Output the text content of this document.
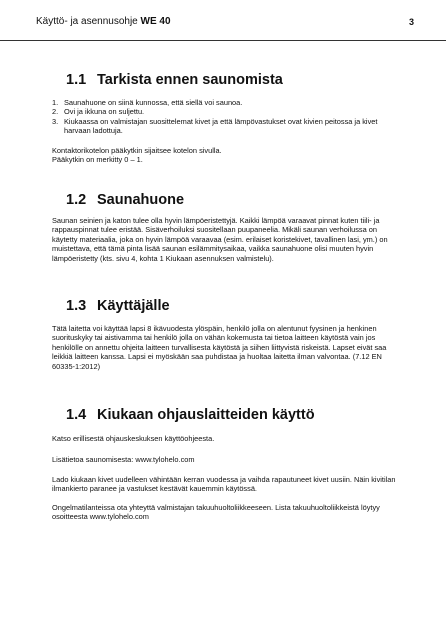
Käyttö- ja asennusohje WE 40	3
1.1 Tarkista ennen saunomista
1. Saunahuone on siinä kunnossa, että siellä voi saunoa.
2. Ovi ja ikkuna on suljettu.
3. Kiukaassa on valmistajan suosittelemat kivet ja että lämpövastukset ovat kivien peitossa ja kivet harvaan ladottuja.

Kontaktorikotelon pääkytkin sijaitsee kotelon sivulla.

Pääkytkin on merkitty 0 – 1.

1.2 Saunahuone

Saunan seinien ja katon tulee olla hyvin lämpöeristettyjä. Kaikki lämpöä varaavat pinnat kuten tiili- ja rappauspinnat tulee eristää. Sisäverhoiluksi suositellaan puupaneelia. Mikäli saunan verhoilussa on käytetty materiaalia, joka on hyvin lämpöä varaavaa (esim. erilaiset koristekivet, tavallinen lasi, ym.) on muistettava, että tämä pinta lisää saunan esilämmitysaikaa, vaikka saunahuone olisi muuten hyvin lämpöeristetty (kts. sivu 4, kohta 1 Kiukaan asennuksen valmistelu).

1.3 Käyttäjälle

Tätä laitetta voi käyttää lapsi 8 ikävuodesta ylöspäin, henkilö jolla on alentunut fyysinen ja henkinen suorituskyky tai aistivamma tai henkilö jolla on vähän kokemusta tai tietoa laitteen käytöstä vain jos henkilölle on annettu ohjeita laitteen turvallisesta käytöstä ja siihen liittyvistä riskeistä. Lapset eivät saa leikkiä laitteen kanssa. Lapsi ei myöskään saa puhdistaa ja huoltaa laitetta ilman valvontaa. (7.12 EN 60335-1:2012)

1.4 Kiukaan ohjauslaitteiden käyttö

Katso erillisestä ohjauskeskuksen käyttöohjeesta.

Lisätietoa saunomisesta: www.tylohelo.com

Lado kiukaan kivet uudelleen vähintään kerran vuodessa ja vaihda rapautuneet kivet uusiin. Näin kivitilan ilmankierto paranee ja vastukset kestävät kauemmin käytössä.

Ongelmatilanteissa ota yhteyttä valmistajan takuuhuoltoliikkeeseen. Lista takuuhuoltoliikkeistä löytyy osoitteesta www.tylohelo.com
